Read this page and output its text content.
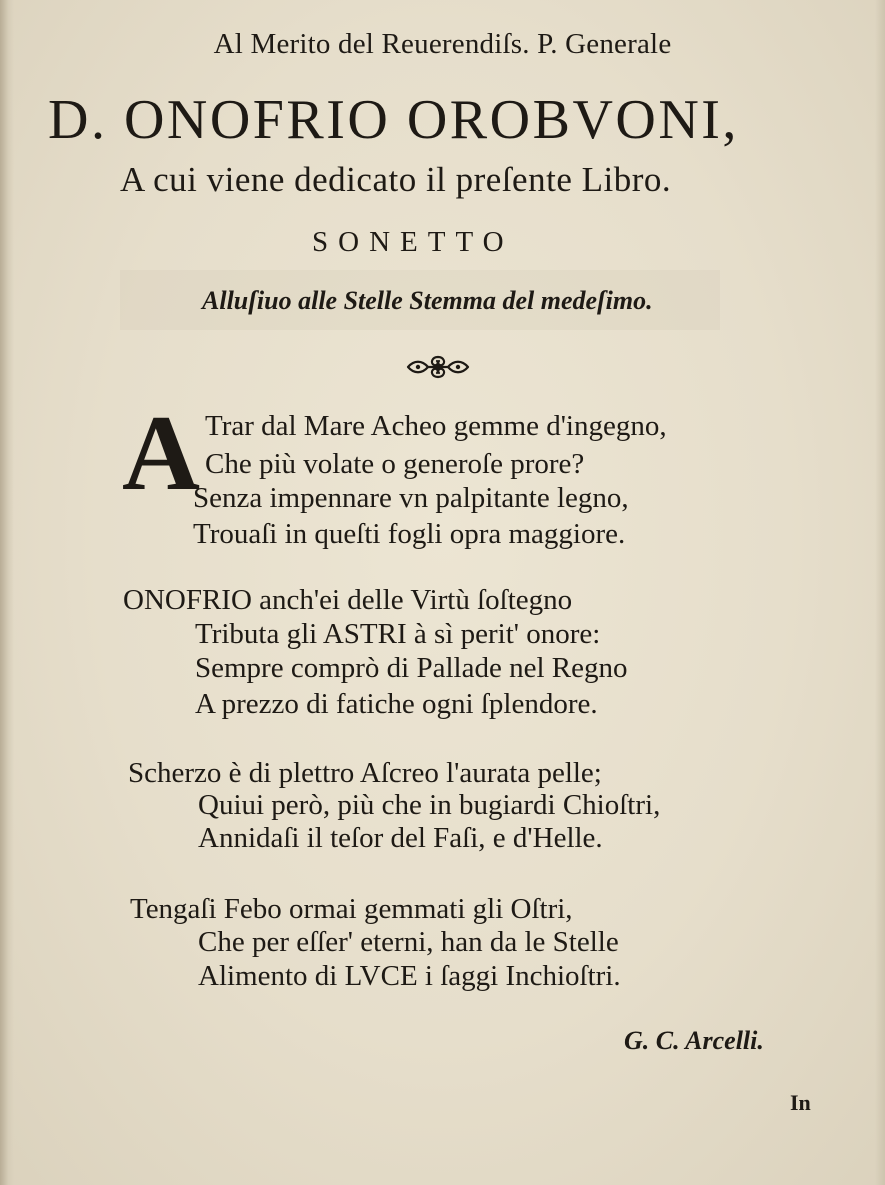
Al Merito del Reuerendiſs. P. Generale
D. ONOFRIO OROBVONI,
A cui viene dedicato il preſente Libro.
SONETTO
Alluſiuo alle Stelle Stemma del medeſimo.
A Trar dal Mare Acheo gemme d'ingegno,
Che più volate o generoſe prore?
Senza impennare vn palpitante legno,
Trouaſi in queſti fogli opra maggiore.
ONOFRIO anch'ei delle Virtù ſoſtegno
Tributa gli ASTRI à sì perit' onore:
Sempre comprò di Pallade nel Regno
A prezzo di fatiche ogni ſplendore.
Scherzo è di plettro Aſcreo l'aurata pelle;
Quiui però, più che in bugiardi Chioſtri,
Annidaſi il teſor del Faſi, e d'Helle.
Tengaſi Febo ormai gemmati gli Oſtri,
Che per eſſer' eterni, han da le Stelle
Alimento di LVCE i ſaggi Inchioſtri.
G. C. Arcelli.
In
